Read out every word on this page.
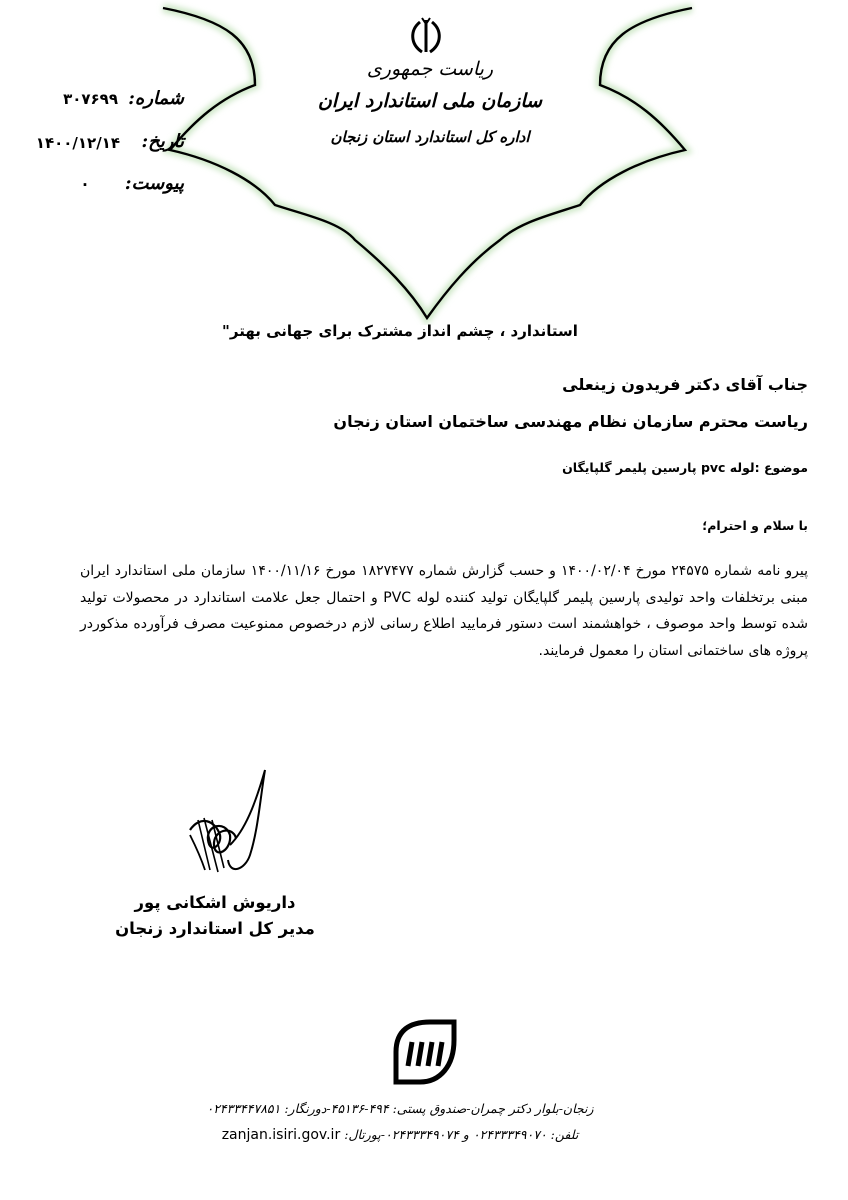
ریاست جمهوری
سازمان ملی استاندارد ایران
اداره کل استاندارد استان زنجان
شماره:
۳۰۷۶۹۹
تاریخ:
۱۴۰۰/۱۲/۱۴
پیوست:
.
استاندارد ، چشم انداز مشترک برای جهانی بهتر"
جناب آقای دکتر فریدون زینعلی
ریاست محترم سازمان نظام مهندسی ساختمان استان زنجان
موضوع :لوله pvc پارسین پلیمر گلپایگان
با سلام و احترام؛
پیرو نامه شماره ۲۴۵۷۵ مورخ ۱۴۰۰/۰۲/۰۴ و حسب گزارش شماره ۱۸۲۷۴۷۷ مورخ ۱۴۰۰/۱۱/۱۶ سازمان ملی استاندارد ایران مبنی برتخلفات واحد تولیدی پارسین پلیمر گلپایگان تولید کننده لوله PVC و احتمال جعل علامت استاندارد در محصولات تولید شده توسط واحد موصوف ، خواهشمند است دستور فرمایید اطلاع رسانی لازم درخصوص ممنوعیت مصرف فرآورده مذکوردر پروژه های ساختمانی استان را معمول فرمایند.
داریوش اشکانی پور
مدیر کل استاندارد زنجان
زنجان-بلوار دکتر چمران-صندوق پستی: ۴۹۴-۴۵۱۳۶-دورنگار: ۰۲۴۳۳۴۴۷۸۵۱
تلفن: ۰۲۴۳۳۳۴۹۰۷۰ و ۰۲۴۳۳۳۴۹۰۷۴-پورتال: zanjan.isiri.gov.ir
